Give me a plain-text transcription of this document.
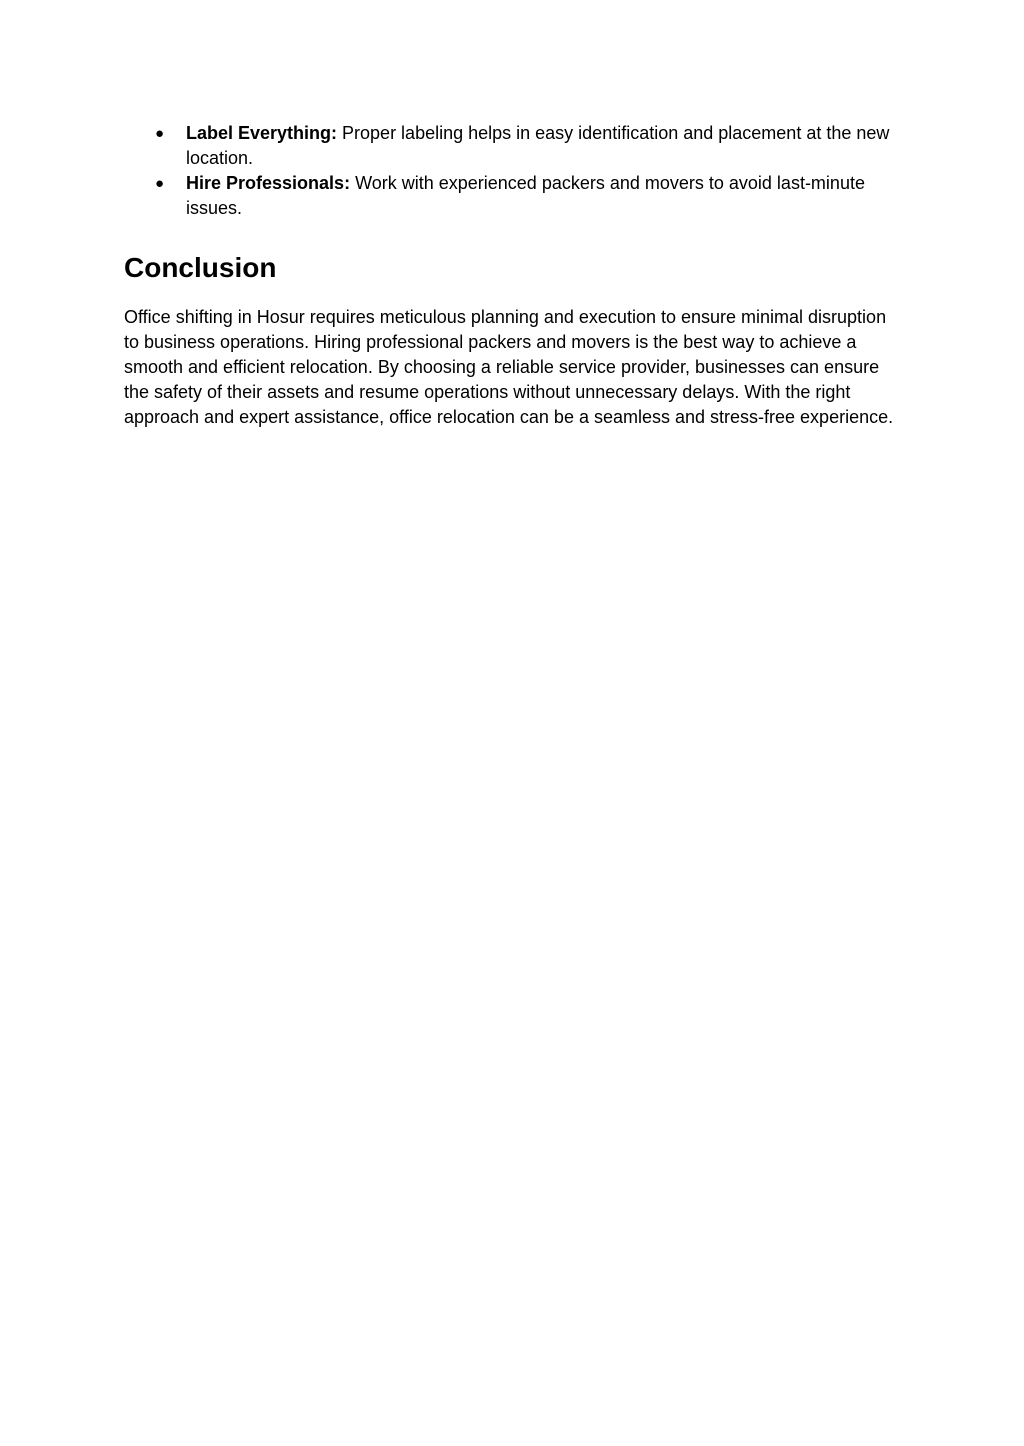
● Label Everything: Proper labeling helps in easy identification and placement at the new location.
● Hire Professionals: Work with experienced packers and movers to avoid last-minute issues.
Conclusion

Office shifting in Hosur requires meticulous planning and execution to ensure minimal disruption to business operations. Hiring professional packers and movers is the best way to achieve a smooth and efficient relocation. By choosing a reliable service provider, businesses can ensure the safety of their assets and resume operations without unnecessary delays. With the right approach and expert assistance, office relocation can be a seamless and stress-free experience.
